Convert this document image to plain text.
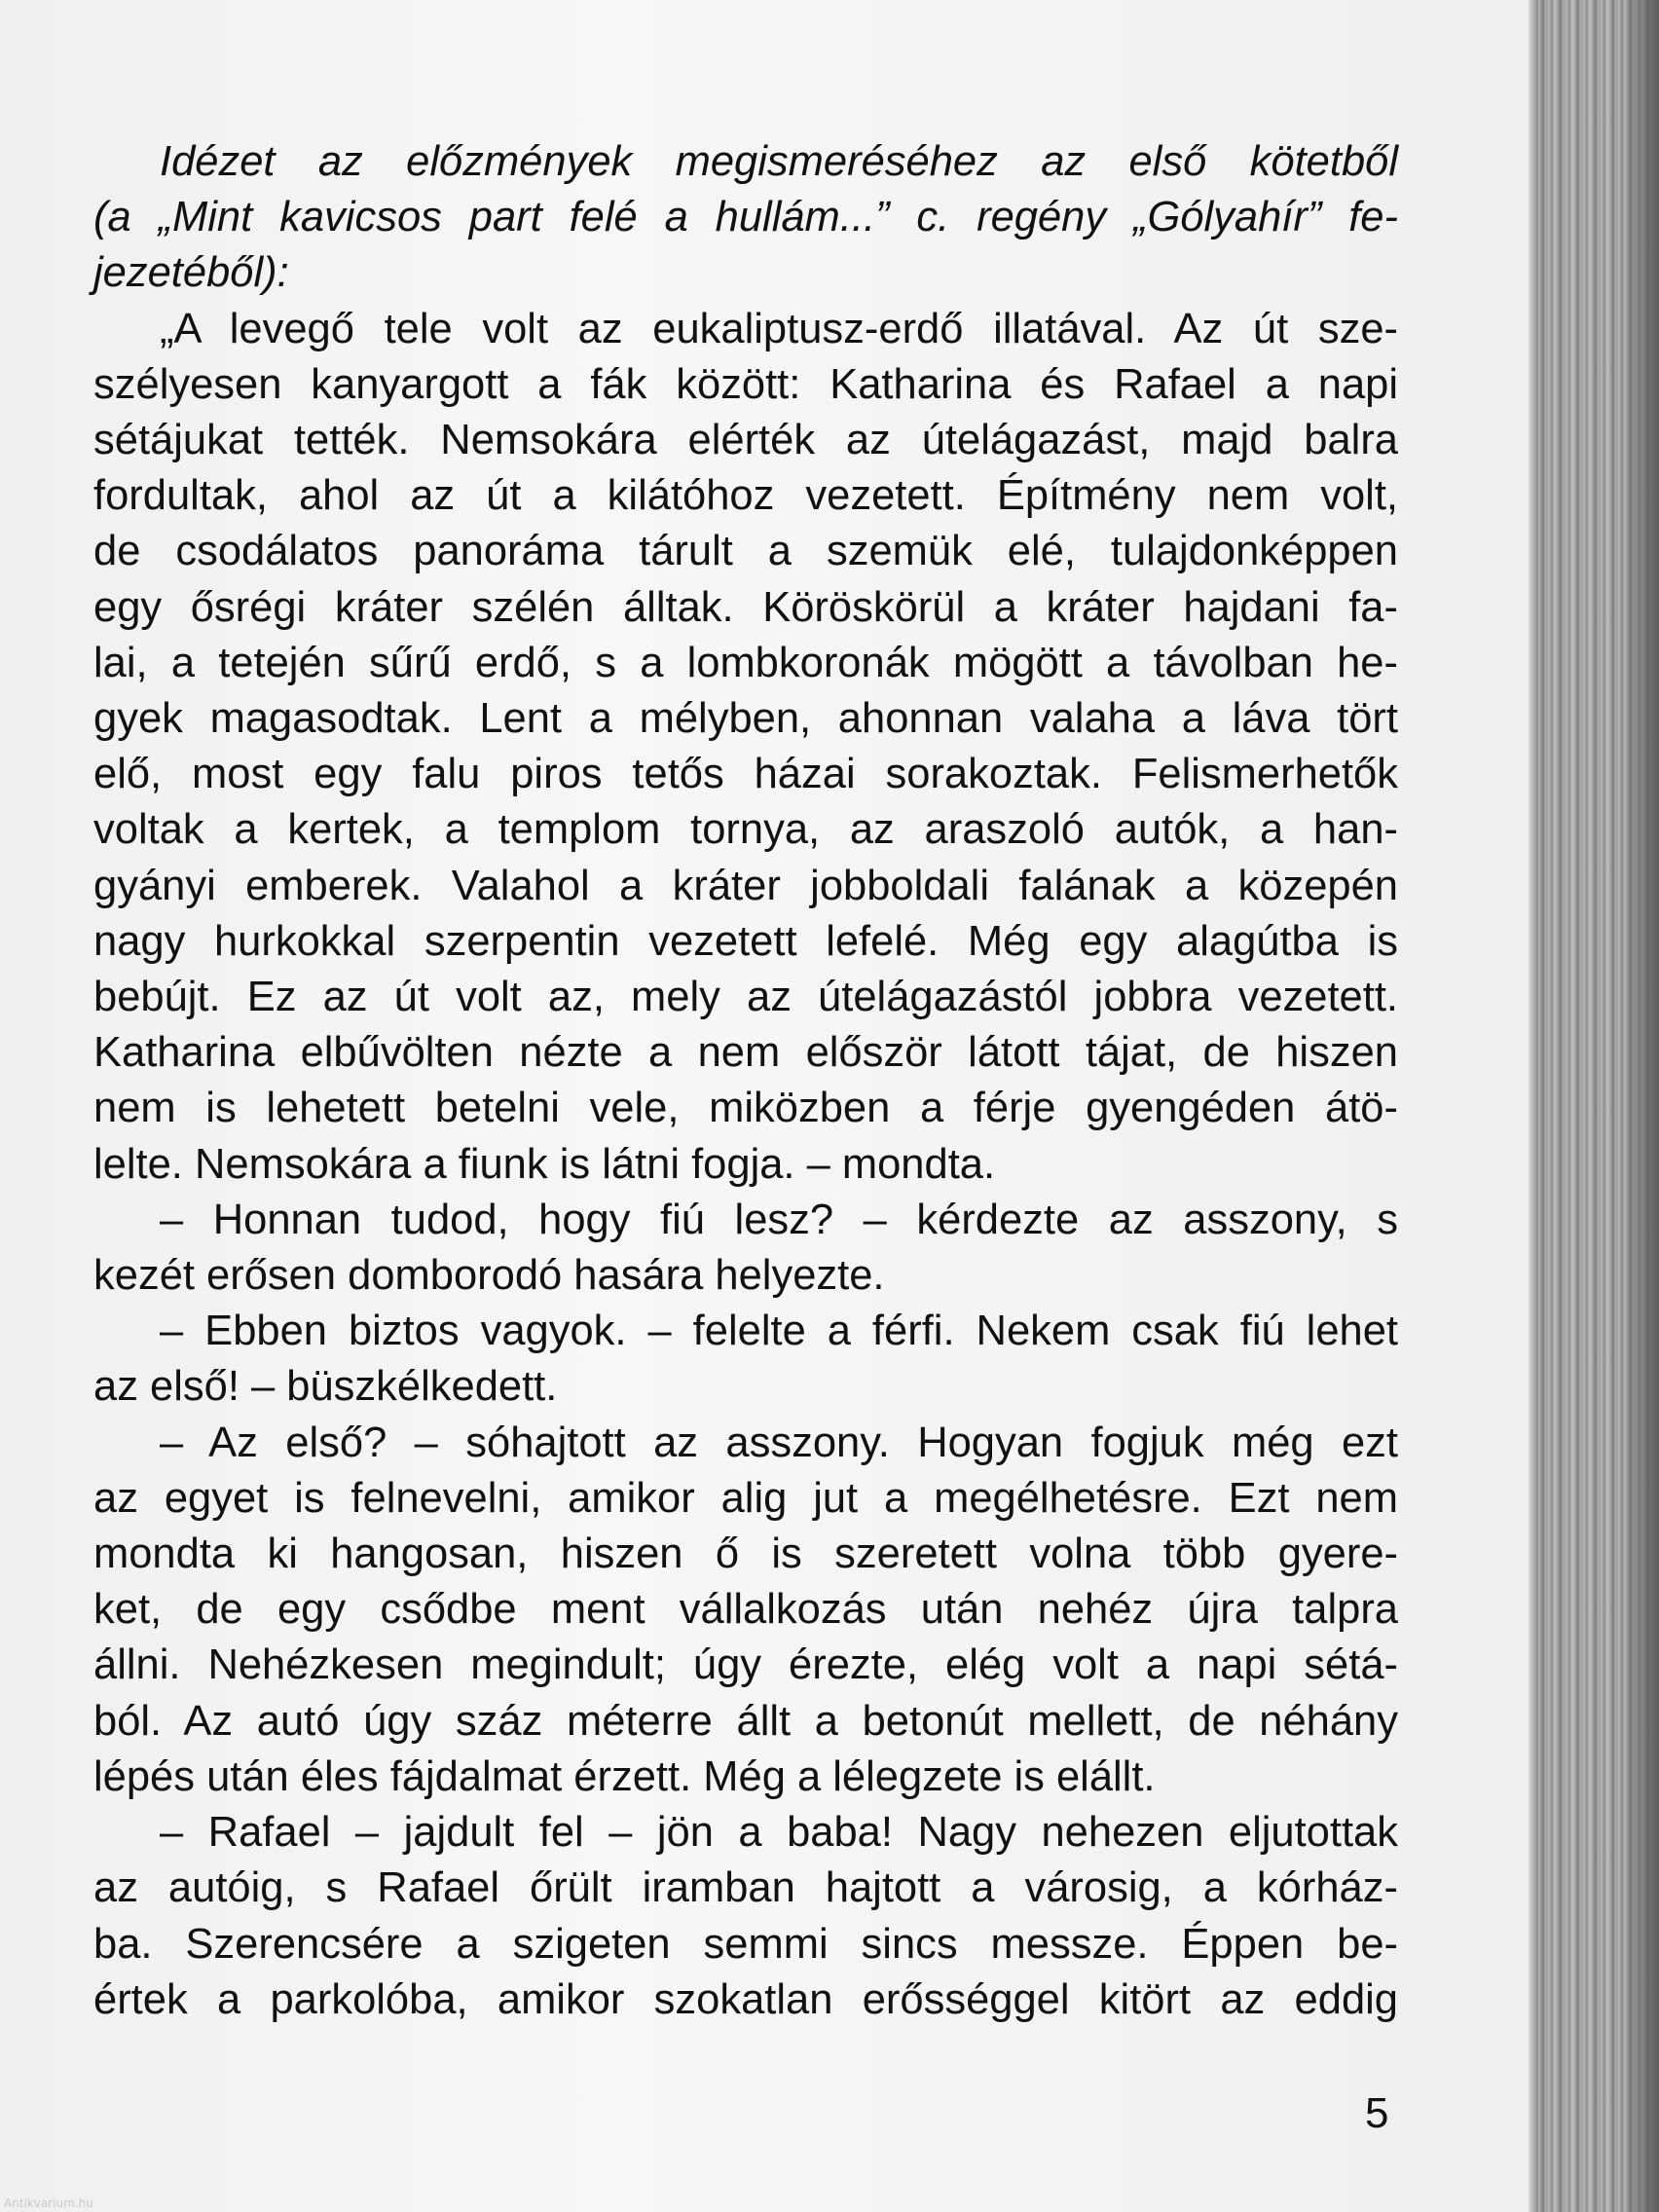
Idézet az előzmények megismeréséhez az első kötetből
(a „Mint kavicsos part felé a hullám...” c. regény „Gólyahír” fe-
jezetéből):
„A levegő tele volt az eukaliptusz-erdő illatával. Az út sze-
szélyesen kanyargott a fák között: Katharina és Rafael a napi
sétájukat tették. Nemsokára elérték az útelágazást, majd balra
fordultak, ahol az út a kilátóhoz vezetett. Építmény nem volt,
de csodálatos panoráma tárult a szemük elé, tulajdonképpen
egy ősrégi kráter szélén álltak. Köröskörül a kráter hajdani fa-
lai, a tetején sűrű erdő, s a lombkoronák mögött a távolban he-
gyek magasodtak. Lent a mélyben, ahonnan valaha a láva tört
elő, most egy falu piros tetős házai sorakoztak. Felismerhetők
voltak a kertek, a templom tornya, az araszoló autók, a han-
gyányi emberek. Valahol a kráter jobboldali falának a közepén
nagy hurkokkal szerpentin vezetett lefelé. Még egy alagútba is
bebújt. Ez az út volt az, mely az útelágazástól jobbra vezetett.
Katharina elbűvölten nézte a nem először látott tájat, de hiszen
nem is lehetett betelni vele, miközben a férje gyengéden átö-
lelte. Nemsokára a fiunk is látni fogja. – mondta.
– Honnan tudod, hogy fiú lesz? – kérdezte az asszony, s
kezét erősen domborodó hasára helyezte.
– Ebben biztos vagyok. – felelte a férfi. Nekem csak fiú lehet
az első! – büszkélkedett.
– Az első? – sóhajtott az asszony. Hogyan fogjuk még ezt
az egyet is felnevelni, amikor alig jut a megélhetésre. Ezt nem
mondta ki hangosan, hiszen ő is szeretett volna több gyere-
ket, de egy csődbe ment vállalkozás után nehéz újra talpra
állni. Nehézkesen megindult; úgy érezte, elég volt a napi sétá-
ból. Az autó úgy száz méterre állt a betonút mellett, de néhány
lépés után éles fájdalmat érzett. Még a lélegzete is elállt.
– Rafael – jajdult fel – jön a baba! Nagy nehezen eljutottak
az autóig, s Rafael őrült iramban hajtott a városig, a kórház-
ba. Szerencsére a szigeten semmi sincs messze. Éppen be-
értek a parkolóba, amikor szokatlan erősséggel kitört az eddig
5
Antikvarium.hu
